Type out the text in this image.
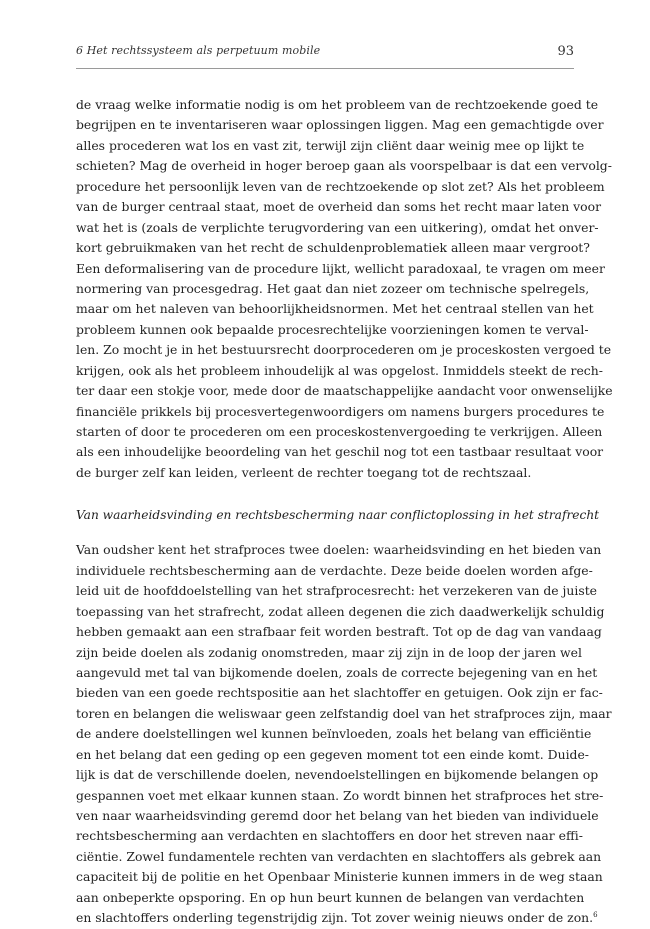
6 Het rechtssysteem als perpetuum mobile	93
de vraag welke informatie nodig is om het probleem van de rechtzoekende goed te
begrijpen en te inventariseren waar oplossingen liggen. Mag een gemachtigde over
alles procederen wat los en vast zit, terwijl zijn cliënt daar weinig mee op lijkt te
schieten? Mag de overheid in hoger beroep gaan als voorspelbaar is dat een vervolg-
procedure het persoonlijk leven van de rechtzoekende op slot zet? Als het probleem
van de burger centraal staat, moet de overheid dan soms het recht maar laten voor
wat het is (zoals de verplichte terugvordering van een uitkering), omdat het onver-
kort gebruikmaken van het recht de schuldenproblematiek alleen maar vergroot?
Een deformalisering van de procedure lijkt, wellicht paradoxaal, te vragen om meer
normering van procesgedrag. Het gaat dan niet zozeer om technische spelregels,
maar om het naleven van behoorlijkheidsnormen. Met het centraal stellen van het
probleem kunnen ook bepaalde procesrechtelijke voorzieningen komen te verval-
len. Zo mocht je in het bestuursrecht doorprocederen om je proceskosten vergoed te
krijgen, ook als het probleem inhoudelijk al was opgelost. Inmiddels steekt de rech-
ter daar een stokje voor, mede door de maatschappelijke aandacht voor onwenselijke
financiële prikkels bij procesvertegenwoordigers om namens burgers procedures te
starten of door te procederen om een proceskostenvergoeding te verkrijgen. Alleen
als een inhoudelijke beoordeling van het geschil nog tot een tastbaar resultaat voor
de burger zelf kan leiden, verleent de rechter toegang tot de rechtszaal.
Van waarheidsvinding en rechtsbescherming naar conflictoplossing in het strafrecht
Van oudsher kent het strafproces twee doelen: waarheidsvinding en het bieden van
individuele rechtsbescherming aan de verdachte. Deze beide doelen worden afge-
leid uit de hoofddoelstelling van het strafprocesrecht: het verzekeren van de juiste
toepassing van het strafrecht, zodat alleen degenen die zich daadwerkelijk schuldig
hebben gemaakt aan een strafbaar feit worden bestraft. Tot op de dag van vandaag
zijn beide doelen als zodanig onomstreden, maar zij zijn in de loop der jaren wel
aangevuld met tal van bijkomende doelen, zoals de correcte bejegening van en het
bieden van een goede rechtspositie aan het slachtoffer en getuigen. Ook zijn er fac-
toren en belangen die weliswaar geen zelfstandig doel van het strafproces zijn, maar
de andere doelstellingen wel kunnen beïnvloeden, zoals het belang van efficiëntie
en het belang dat een geding op een gegeven moment tot een einde komt. Duide-
lijk is dat de verschillende doelen, nevendoelstellingen en bijkomende belangen op
gespannen voet met elkaar kunnen staan. Zo wordt binnen het strafproces het stre-
ven naar waarheidsvinding geremd door het belang van het bieden van individuele
rechtsbescherming aan verdachten en slachtoffers en door het streven naar effi-
ciëntie. Zowel fundamentele rechten van verdachten en slachtoffers als gebrek aan
capaciteit bij de politie en het Openbaar Ministerie kunnen immers in de weg staan
aan onbeperkte opsporing. En op hun beurt kunnen de belangen van verdachten
en slachtoffers onderling tegenstrijdig zijn. Tot zover weinig nieuws onder de zon.$^6$
